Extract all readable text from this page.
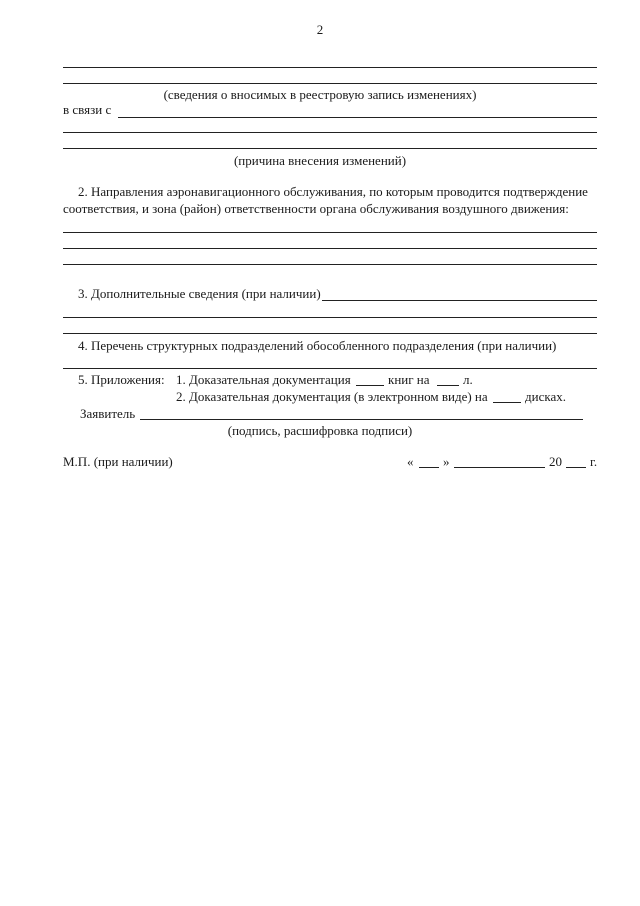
2
(сведения о вносимых в реестровую запись изменениях)
в связи с
(причина внесения изменений)
2. Направления аэронавигационного обслуживания, по которым проводится подтверждение
соответствия, и зона (район) ответственности органа обслуживания воздушного движения:
3. Дополнительные сведения (при наличии)
4. Перечень структурных подразделений обособленного подразделения (при наличии)
5. Приложения: 1. Доказательная документация	книг на	л.
2. Доказательная документация (в электронном виде) на	дисках.
Заявитель
(подпись, расшифровка подписи)
М.П. (при наличии)	« »	20 г.
